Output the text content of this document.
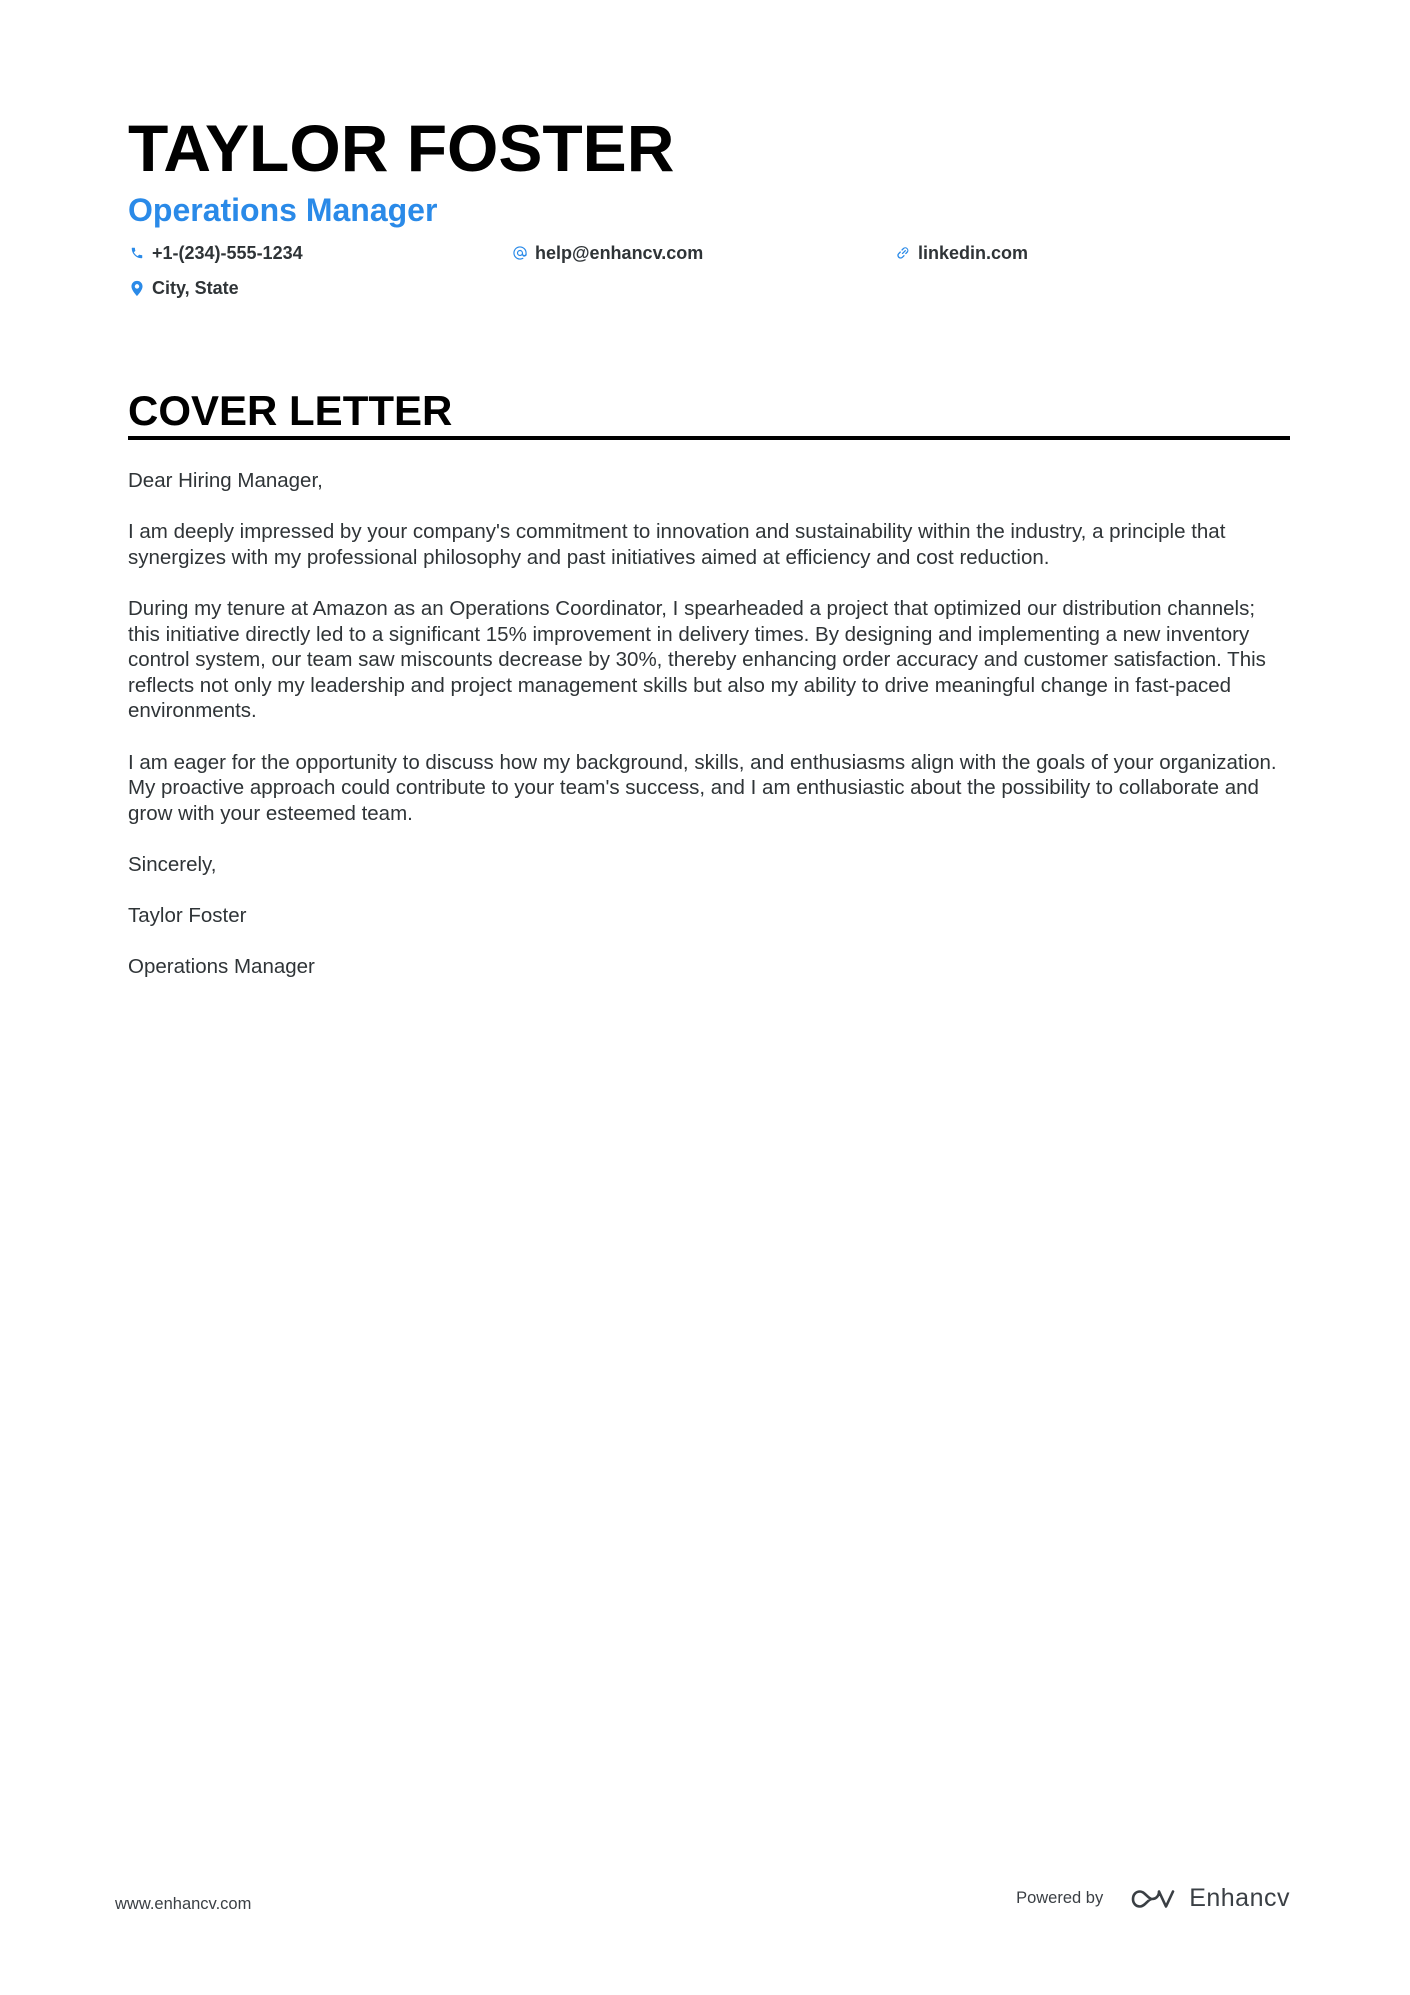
TAYLOR FOSTER
Operations Manager
+1-(234)-555-1234	help@enhancv.com	linkedin.com
City, State
COVER LETTER

Dear Hiring Manager,

I am deeply impressed by your company's commitment to innovation and sustainability within the industry, a principle that synergizes with my professional philosophy and past initiatives aimed at efficiency and cost reduction.

During my tenure at Amazon as an Operations Coordinator, I spearheaded a project that optimized our distribution channels; this initiative directly led to a significant 15% improvement in delivery times. By designing and implementing a new inventory control system, our team saw miscounts decrease by 30%, thereby enhancing order accuracy and customer satisfaction. This reflects not only my leadership and project management skills but also my ability to drive meaningful change in fast-paced environments.

I am eager for the opportunity to discuss how my background, skills, and enthusiasms align with the goals of your organization. My proactive approach could contribute to your team's success, and I am enthusiastic about the possibility to collaborate and grow with your esteemed team.

Sincerely,

Taylor Foster

Operations Manager

www.enhancv.com	Powered by	Enhancv
